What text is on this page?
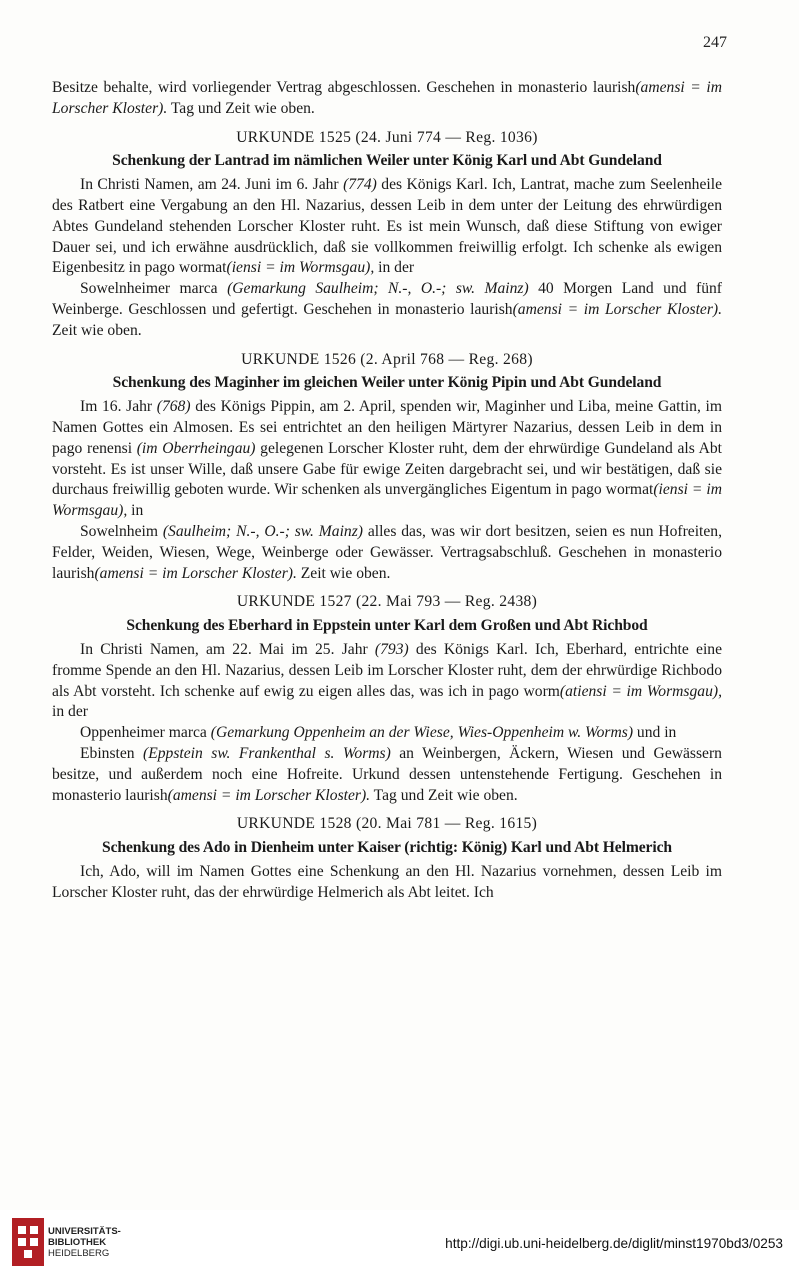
247

Besitze behalte, wird vorliegender Vertrag abgeschlossen. Geschehen in monasterio laurish(amensi = im Lorscher Kloster). Tag und Zeit wie oben.

URKUNDE 1525 (24. Juni 774 — Reg. 1036)
Schenkung der Lantrad im nämlichen Weiler unter König Karl und Abt Gundeland

In Christi Namen, am 24. Juni im 6. Jahr (774) des Königs Karl. Ich, Lantrat, mache zum Seelenheile des Ratbert eine Vergabung an den Hl. Nazarius, dessen Leib in dem unter der Leitung des ehrwürdigen Abtes Gundeland stehenden Lorscher Kloster ruht. Es ist mein Wunsch, daß diese Stiftung von ewiger Dauer sei, und ich erwähne ausdrücklich, daß sie vollkommen freiwillig erfolgt. Ich schenke als ewigen Eigenbesitz in pago wormat(iensi = im Wormsgau), in der

Sowelnheimer marca (Gemarkung Saulheim; N.-, O.-; sw. Mainz) 40 Morgen Land und fünf Weinberge. Geschlossen und gefertigt. Geschehen in monasterio laurish(amensi = im Lorscher Kloster). Zeit wie oben.

URKUNDE 1526 (2. April 768 — Reg. 268)
Schenkung des Maginher im gleichen Weiler unter König Pipin und Abt Gundeland

Im 16. Jahr (768) des Königs Pippin, am 2. April, spenden wir, Maginher und Liba, meine Gattin, im Namen Gottes ein Almosen. Es sei entrichtet an den heiligen Märtyrer Nazarius, dessen Leib in dem in pago renensi (im Oberrheingau) gelegenen Lorscher Kloster ruht, dem der ehrwürdige Gundeland als Abt vorsteht. Es ist unser Wille, daß unsere Gabe für ewige Zeiten dargebracht sei, und wir bestätigen, daß sie durchaus freiwillig geboten wurde. Wir schenken als unvergängliches Eigentum in pago wormat(iensi = im Wormsgau), in

Sowelnheim (Saulheim; N.-, O.-; sw. Mainz) alles das, was wir dort besitzen, seien es nun Hofreiten, Felder, Weiden, Wiesen, Wege, Weinberge oder Gewässer. Vertragsabschluß. Geschehen in monasterio laurish(amensi = im Lorscher Kloster). Zeit wie oben.

URKUNDE 1527 (22. Mai 793 — Reg. 2438)
Schenkung des Eberhard in Eppstein unter Karl dem Großen und Abt Richbod

In Christi Namen, am 22. Mai im 25. Jahr (793) des Königs Karl. Ich, Eberhard, entrichte eine fromme Spende an den Hl. Nazarius, dessen Leib im Lorscher Kloster ruht, dem der ehrwürdige Richbodo als Abt vorsteht. Ich schenke auf ewig zu eigen alles das, was ich in pago worm(atiensi = im Wormsgau), in der

Oppenheimer marca (Gemarkung Oppenheim an der Wiese, Wies-Oppenheim w. Worms) und in

Ebinsten (Eppstein sw. Frankenthal s. Worms) an Weinbergen, Äckern, Wiesen und Gewässern besitze, und außerdem noch eine Hofreite. Urkund dessen untenstehende Fertigung. Geschehen in monasterio laurish(amensi = im Lorscher Kloster). Tag und Zeit wie oben.

URKUNDE 1528 (20. Mai 781 — Reg. 1615)
Schenkung des Ado in Dienheim unter Kaiser (richtig: König) Karl und Abt Helmerich

Ich, Ado, will im Namen Gottes eine Schenkung an den Hl. Nazarius vornehmen, dessen Leib im Lorscher Kloster ruht, das der ehrwürdige Helmerich als Abt leitet. Ich

UNIVERSITÄTS-
BIBLIOTHEK
HEIDELBERG
http://digi.ub.uni-heidelberg.de/diglit/minst1970bd3/0253
